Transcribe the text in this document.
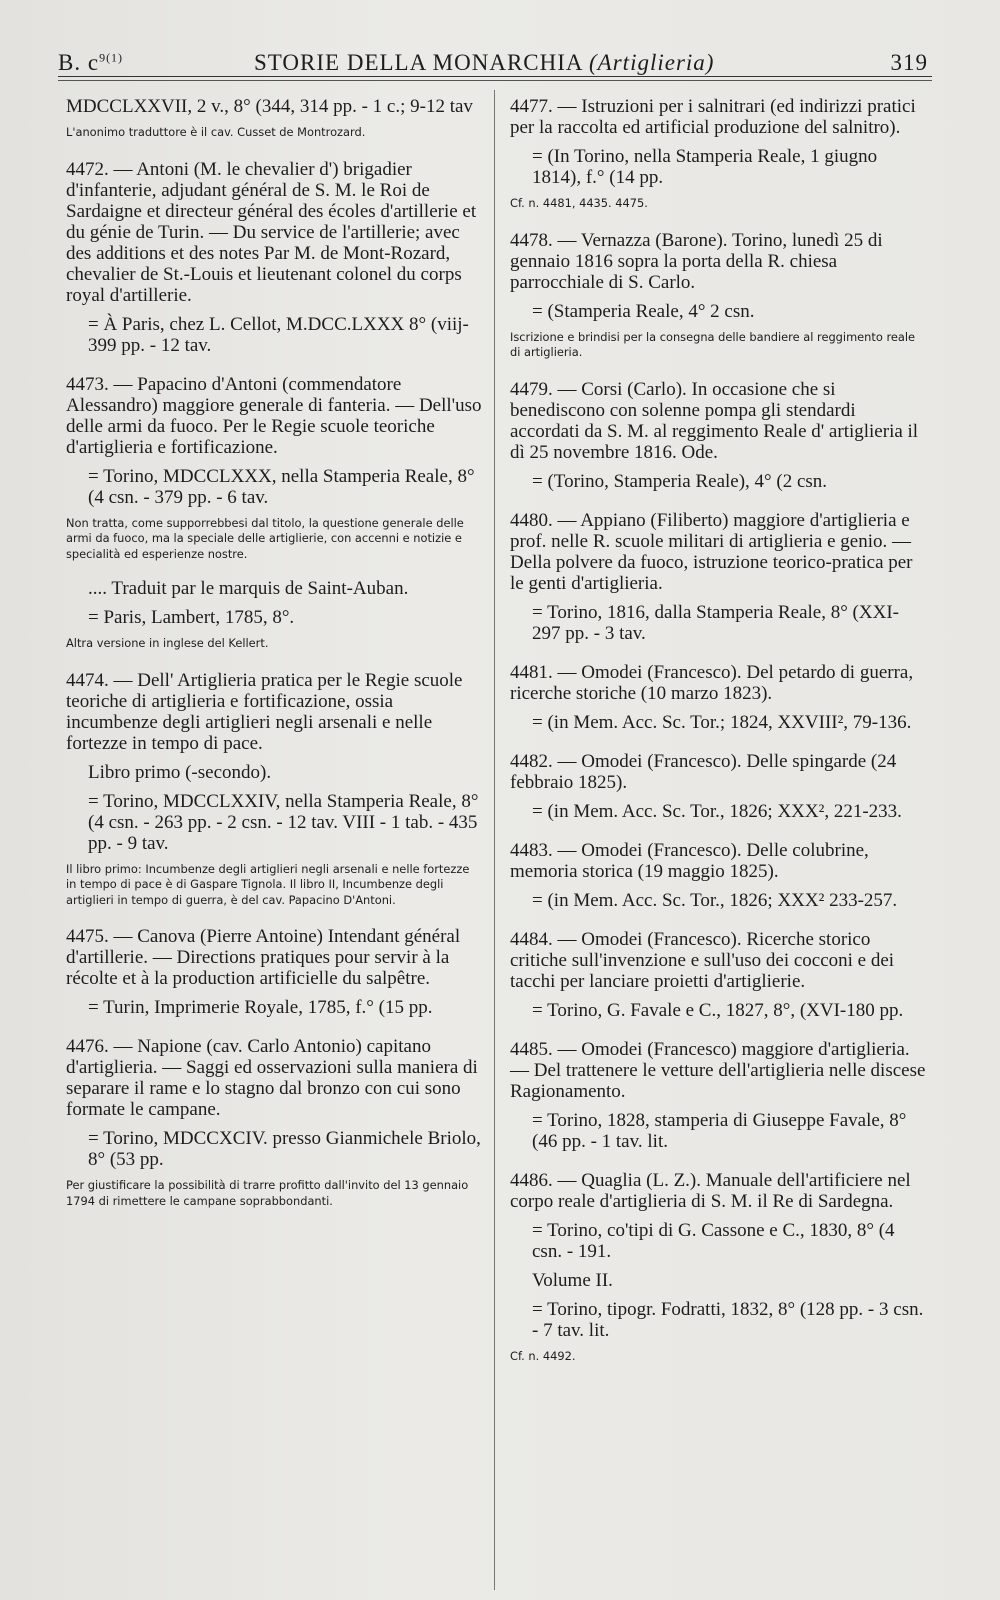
B. $c^{9(1)}$	STORIE DELLA MONARCHIA (Artiglieria)	319
MDCCLXXVII, 2 v., 8° (344, 314 pp. - 1 c.; 9-12 tav
L'anonimo traduttore è il cav. Cusset de Montrozard.
4472. — Antoni (M. le chevalier d') brigadier d'infanterie, adjudant général de S. M. le Roi de Sardaigne et directeur général des écoles d'artillerie et du génie de Turin. — Du service de l'artillerie; avec des additions et des notes Par M. de Mont-Rozard, chevalier de St.-Louis et lieutenant colonel du corps royal d'artillerie.
= À Paris, chez L. Cellot, M.DCC.LXXX 8° (viij-399 pp. - 12 tav.
4473. — Papacino d'Antoni (commendatore Alessandro) maggiore generale di fanteria. — Dell'uso delle armi da fuoco. Per le Regie scuole teoriche d'artiglieria e fortificazione.
= Torino, MDCCLXXX, nella Stamperia Reale, 8° (4 csn. - 379 pp. - 6 tav.
Non tratta, come supporrebbesi dal titolo, la questione generale delle armi da fuoco, ma la speciale delle artiglierie, con accenni e notizie e specialità ed esperienze nostre.
.... Traduit par le marquis de Saint-Auban.
= Paris, Lambert, 1785, 8°.
Altra versione in inglese del Kellert.
4474. — Dell' Artiglieria pratica per le Regie scuole teoriche di artiglieria e fortificazione, ossia incumbenze degli artiglieri negli arsenali e nelle fortezze in tempo di pace.
Libro primo (-secondo).
= Torino, MDCCLXXIV, nella Stamperia Reale, 8° (4 csn. - 263 pp. - 2 csn. - 12 tav. VIII - 1 tab. - 435 pp. - 9 tav.
Il libro primo: Incumbenze degli artiglieri negli arsenali e nelle fortezze in tempo di pace è di Gaspare Tignola. Il libro II, Incumbenze degli artiglieri in tempo di guerra, è del cav. Papacino D'Antoni.
4475. — Canova (Pierre Antoine) Intendant général d'artillerie. — Directions pratiques pour servir à la récolte et à la production artificielle du salpêtre.
= Turin, Imprimerie Royale, 1785, f.° (15 pp.
4476. — Napione (cav. Carlo Antonio) capitano d'artiglieria. — Saggi ed osservazioni sulla maniera di separare il rame e lo stagno dal bronzo con cui sono formate le campane.
= Torino, MDCCXCIV. presso Gianmichele Briolo, 8° (53 pp.
Per giustificare la possibilità di trarre profitto dall'invito del 13 gennaio 1794 di rimettere le campane soprabbondanti.
4477. — Istruzioni per i salnitrari (ed indirizzi pratici per la raccolta ed artificial produzione del salnitro).
= (In Torino, nella Stamperia Reale, 1 giugno 1814), f.° (14 pp.
Cf. n. 4481, 4435. 4475.
4478. — Vernazza (Barone). Torino, lunedì 25 di gennaio 1816 sopra la porta della R. chiesa parrocchiale di S. Carlo.
= (Stamperia Reale, 4° 2 csn.
Iscrizione e brindisi per la consegna delle bandiere al reggimento reale di artiglieria.
4479. — Corsi (Carlo). In occasione che si benediscono con solenne pompa gli stendardi accordati da S. M. al reggimento Reale d' artiglieria il dì 25 novembre 1816. Ode.
= (Torino, Stamperia Reale), 4° (2 csn.
4480. — Appiano (Filiberto) maggiore d'artiglieria e prof. nelle R. scuole militari di artiglieria e genio. — Della polvere da fuoco, istruzione teorico-pratica per le genti d'artiglieria.
= Torino, 1816, dalla Stamperia Reale, 8° (XXI-297 pp. - 3 tav.
4481. — Omodei (Francesco). Del petardo di guerra, ricerche storiche (10 marzo 1823).
= (in Mem. Acc. Sc. Tor.; 1824, XXVIII², 79-136.
4482. — Omodei (Francesco). Delle spingarde (24 febbraio 1825).
= (in Mem. Acc. Sc. Tor., 1826; XXX², 221-233.
4483. — Omodei (Francesco). Delle colubrine, memoria storica (19 maggio 1825).
= (in Mem. Acc. Sc. Tor., 1826; XXX² 233-257.
4484. — Omodei (Francesco). Ricerche storico critiche sull'invenzione e sull'uso dei cocconi e dei tacchi per lanciare proietti d'artiglierie.
= Torino, G. Favale e C., 1827, 8°, (XVI-180 pp.
4485. — Omodei (Francesco) maggiore d'artiglieria. — Del trattenere le vetture dell'artiglieria nelle discese Ragionamento.
= Torino, 1828, stamperia di Giuseppe Favale, 8° (46 pp. - 1 tav. lit.
4486. — Quaglia (L. Z.). Manuale dell'artificiere nel corpo reale d'artiglieria di S. M. il Re di Sardegna.
= Torino, co'tipi di G. Cassone e C., 1830, 8° (4 csn. - 191.
Volume II.
= Torino, tipogr. Fodratti, 1832, 8° (128 pp. - 3 csn. - 7 tav. lit.
Cf. n. 4492.
